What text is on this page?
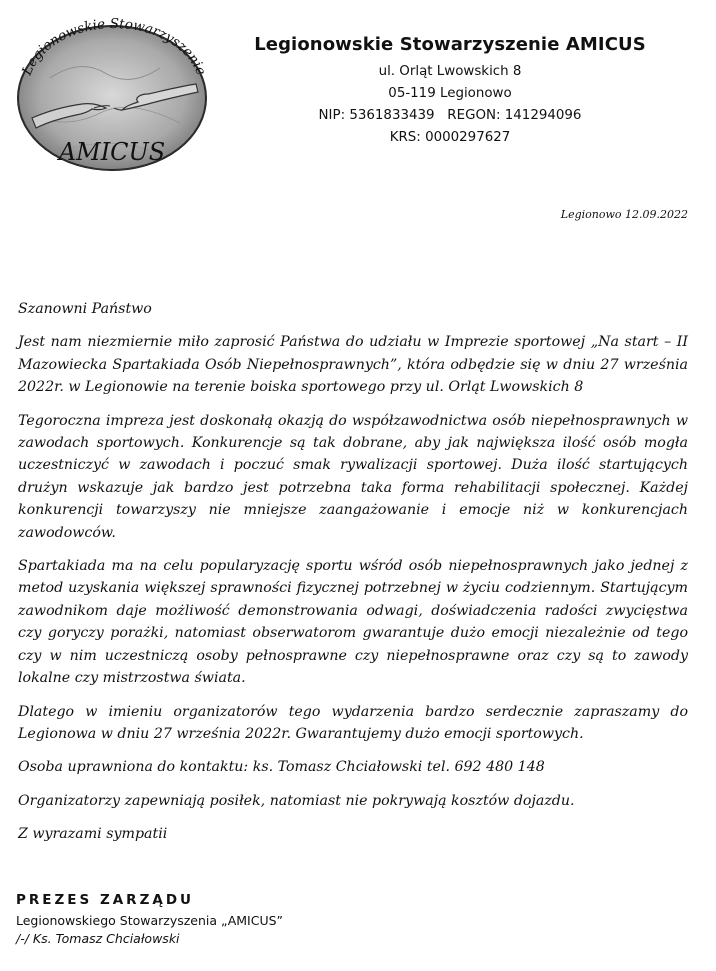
Legionowskie Stowarzyszenie
AMICUS

Legionowskie Stowarzyszenie AMICUS

ul. Orląt Lwowskich 8

05-119 Legionowo

NIP: 5361833439   REGON: 141294096

KRS: 0000297627

Legionowo 12.09.2022

Szanowni Państwo

Jest nam niezmiernie miło zaprosić Państwa do udziału w Imprezie sportowej „Na start – II Mazowiecka Spartakiada Osób Niepełnosprawnych”, która odbędzie się w dniu 27 września 2022r. w Legionowie na terenie boiska sportowego przy ul. Orląt Lwowskich 8

Tegoroczna impreza jest doskonałą okazją do współzawodnictwa osób niepełnosprawnych w zawodach sportowych. Konkurencje są tak dobrane, aby jak największa ilość osób mogła uczestniczyć w zawodach i poczuć smak rywalizacji sportowej. Duża ilość startujących drużyn wskazuje jak bardzo jest potrzebna taka forma rehabilitacji społecznej. Każdej konkurencji towarzyszy nie mniejsze zaangażowanie i emocje niż w konkurencjach zawodowców.

Spartakiada ma na celu popularyzację sportu wśród osób niepełnosprawnych jako jednej z metod uzyskania większej sprawności fizycznej potrzebnej w życiu codziennym. Startującym zawodnikom daje możliwość demonstrowania odwagi, doświadczenia radości zwycięstwa czy goryczy porażki, natomiast obserwatorom gwarantuje dużo emocji niezależnie od tego czy w nim uczestniczą osoby pełnosprawne czy niepełnosprawne oraz czy są to zawody lokalne czy mistrzostwa świata.

Dlatego w imieniu organizatorów tego wydarzenia bardzo serdecznie zapraszamy do Legionowa w dniu 27 września 2022r. Gwarantujemy dużo emocji sportowych.

Osoba uprawniona do kontaktu: ks. Tomasz Chciałowski tel. 692 480 148

Organizatorzy zapewniają posiłek, natomiast nie pokrywają kosztów dojazdu.

Z wyrazami sympatii

PREZES ZARZĄDU

Legionowskiego Stowarzyszenia „AMICUS”

/-/ Ks. Tomasz Chciałowski
